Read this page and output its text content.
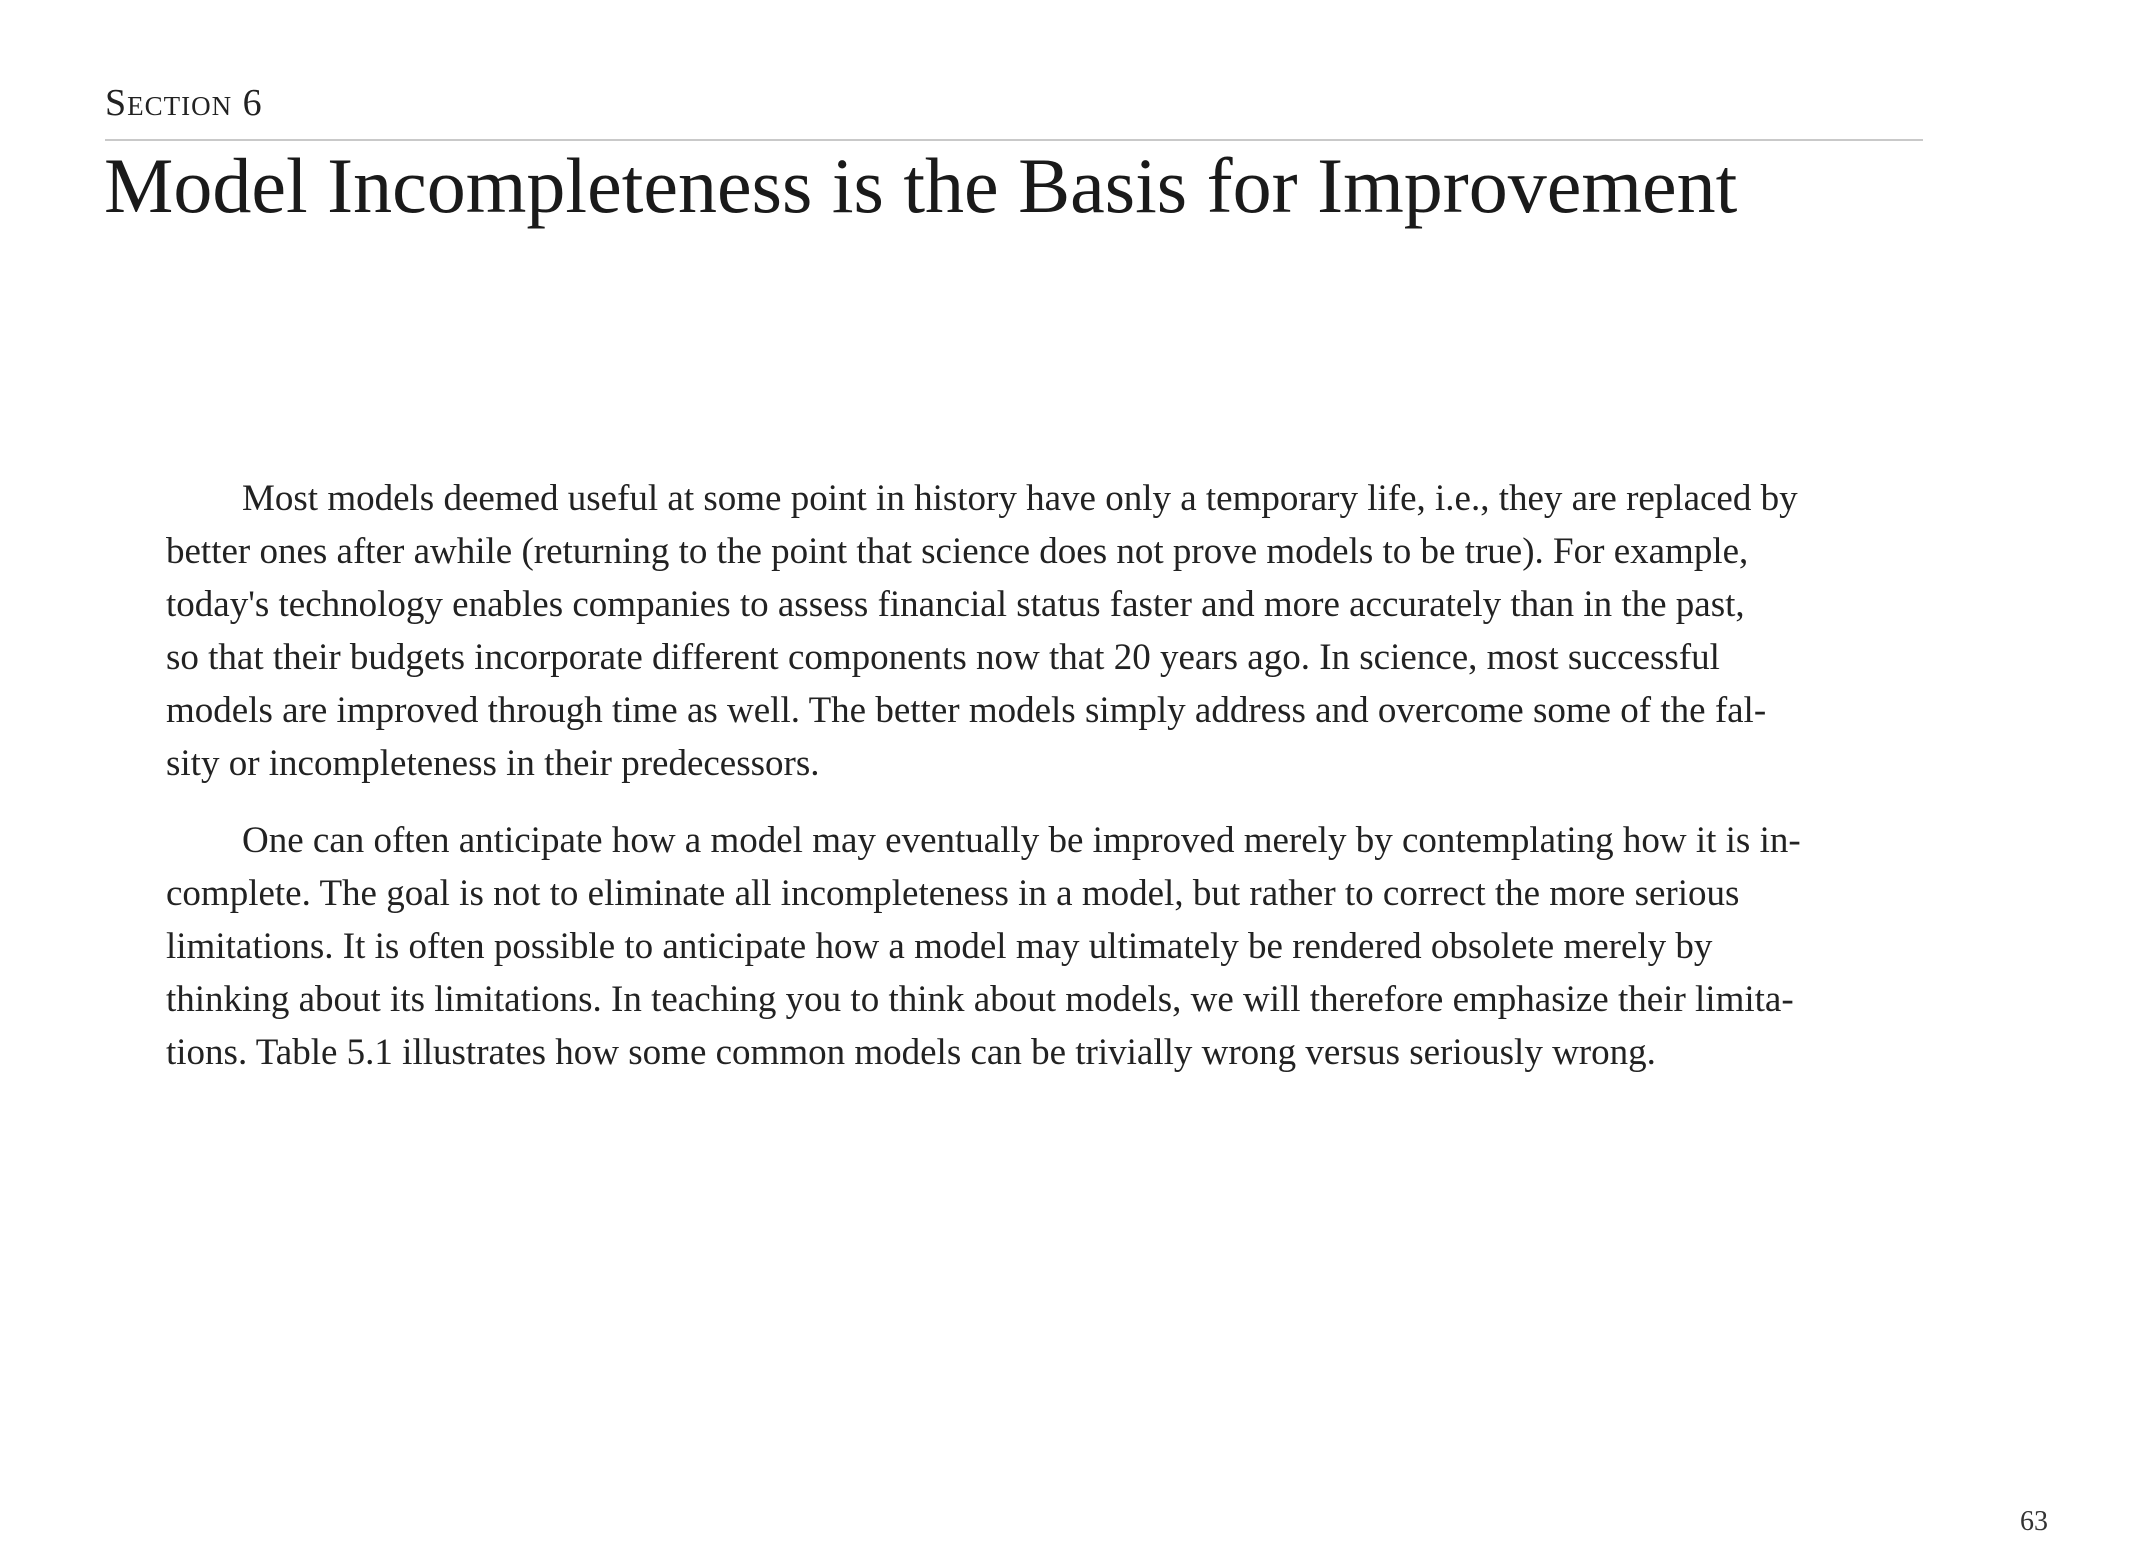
Section 6
Model Incompleteness is the Basis for Improvement

Most models deemed useful at some point in history have only a temporary life, i.e., they are replaced by
better ones after awhile (returning to the point that science does not prove models to be true). For example,
today's technology enables companies to assess financial status faster and more accurately than in the past,
so that their budgets incorporate different components now that 20 years ago. In science, most successful
models are improved through time as well. The better models simply address and overcome some of the fal-
sity or incompleteness in their predecessors.

One can often anticipate how a model may eventually be improved merely by contemplating how it is in-
complete. The goal is not to eliminate all incompleteness in a model, but rather to correct the more serious
limitations. It is often possible to anticipate how a model may ultimately be rendered obsolete merely by
thinking about its limitations. In teaching you to think about models, we will therefore emphasize their limita-
tions. Table 5.1 illustrates how some common models can be trivially wrong versus seriously wrong.

63
